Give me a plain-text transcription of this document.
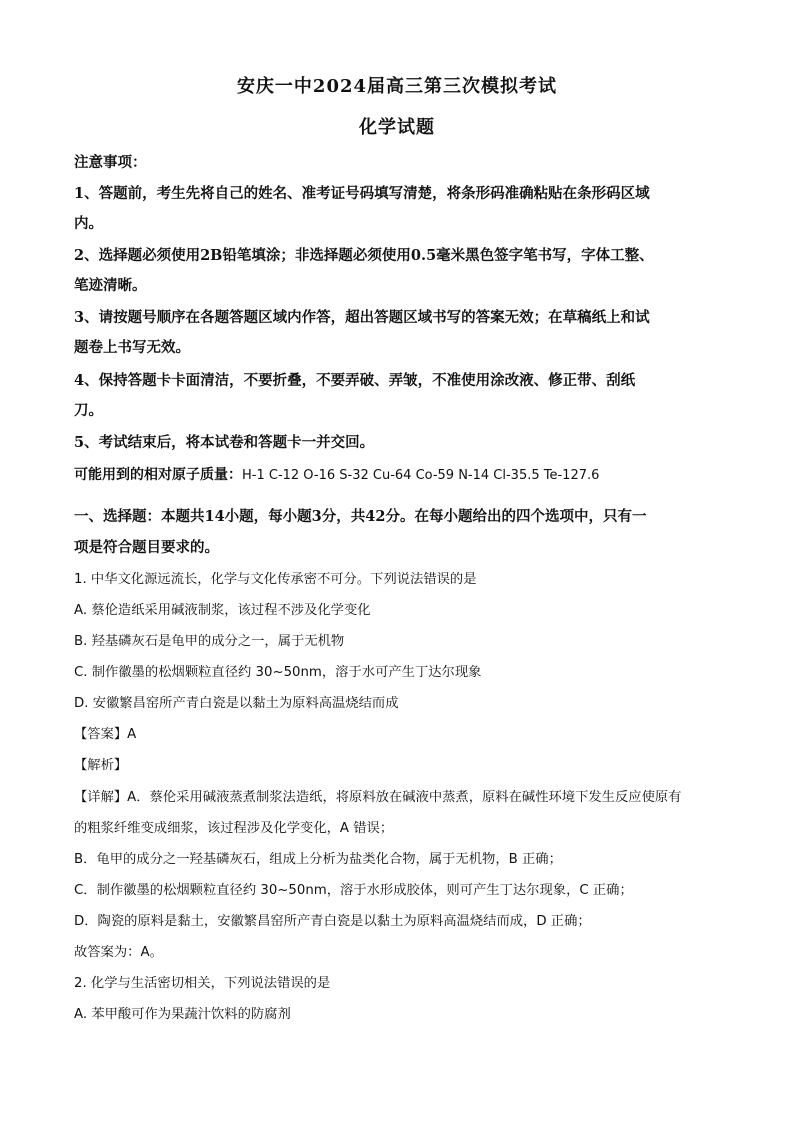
安庆一中2024届高三第三次模拟考试
化学试题
注意事项：
1、答题前，考生先将自己的姓名、准考证号码填写清楚，将条形码准确粘贴在条形码区域
内。
2、选择题必须使用2B铅笔填涂；非选择题必须使用0.5毫米黑色签字笔书写，字体工整、
笔迹清晰。
3、请按题号顺序在各题答题区域内作答，超出答题区域书写的答案无效；在草稿纸上和试
题卷上书写无效。
4、保持答题卡卡面清洁，不要折叠，不要弄破、弄皱，不准使用涂改液、修正带、刮纸
刀。
5、考试结束后，将本试卷和答题卡一并交回。
可能用到的相对原子质量：H-1 C-12 O-16 S-32 Cu-64 Co-59 N-14 Cl-35.5 Te-127.6
一、选择题：本题共14小题，每小题3分，共42分。在每小题给出的四个选项中，只有一
项是符合题目要求的。
1. 中华文化源远流长，化学与文化传承密不可分。下列说法错误的是
A. 蔡伦造纸采用碱液制浆，该过程不涉及化学变化
B. 羟基磷灰石是龟甲的成分之一，属于无机物
C. 制作徽墨的松烟颗粒直径约 30~50nm，溶于水可产生丁达尔现象
D. 安徽繁昌窑所产青白瓷是以黏土为原料高温烧结而成
【答案】A
【解析】
【详解】A．蔡伦采用碱液蒸煮制浆法造纸，将原料放在碱液中蒸煮，原料在碱性环境下发生反应使原有
的粗浆纤维变成细浆，该过程涉及化学变化，A 错误；
B．龟甲的成分之一羟基磷灰石，组成上分析为盐类化合物，属于无机物，B 正确；
C．制作徽墨的松烟颗粒直径约 30~50nm，溶于水形成胶体，则可产生丁达尔现象，C 正确；
D．陶瓷的原料是黏土，安徽繁昌窑所产青白瓷是以黏土为原料高温烧结而成，D 正确；
故答案为：A。
2. 化学与生活密切相关，下列说法错误的是
A. 苯甲酸可作为果蔬汁饮料的防腐剂
